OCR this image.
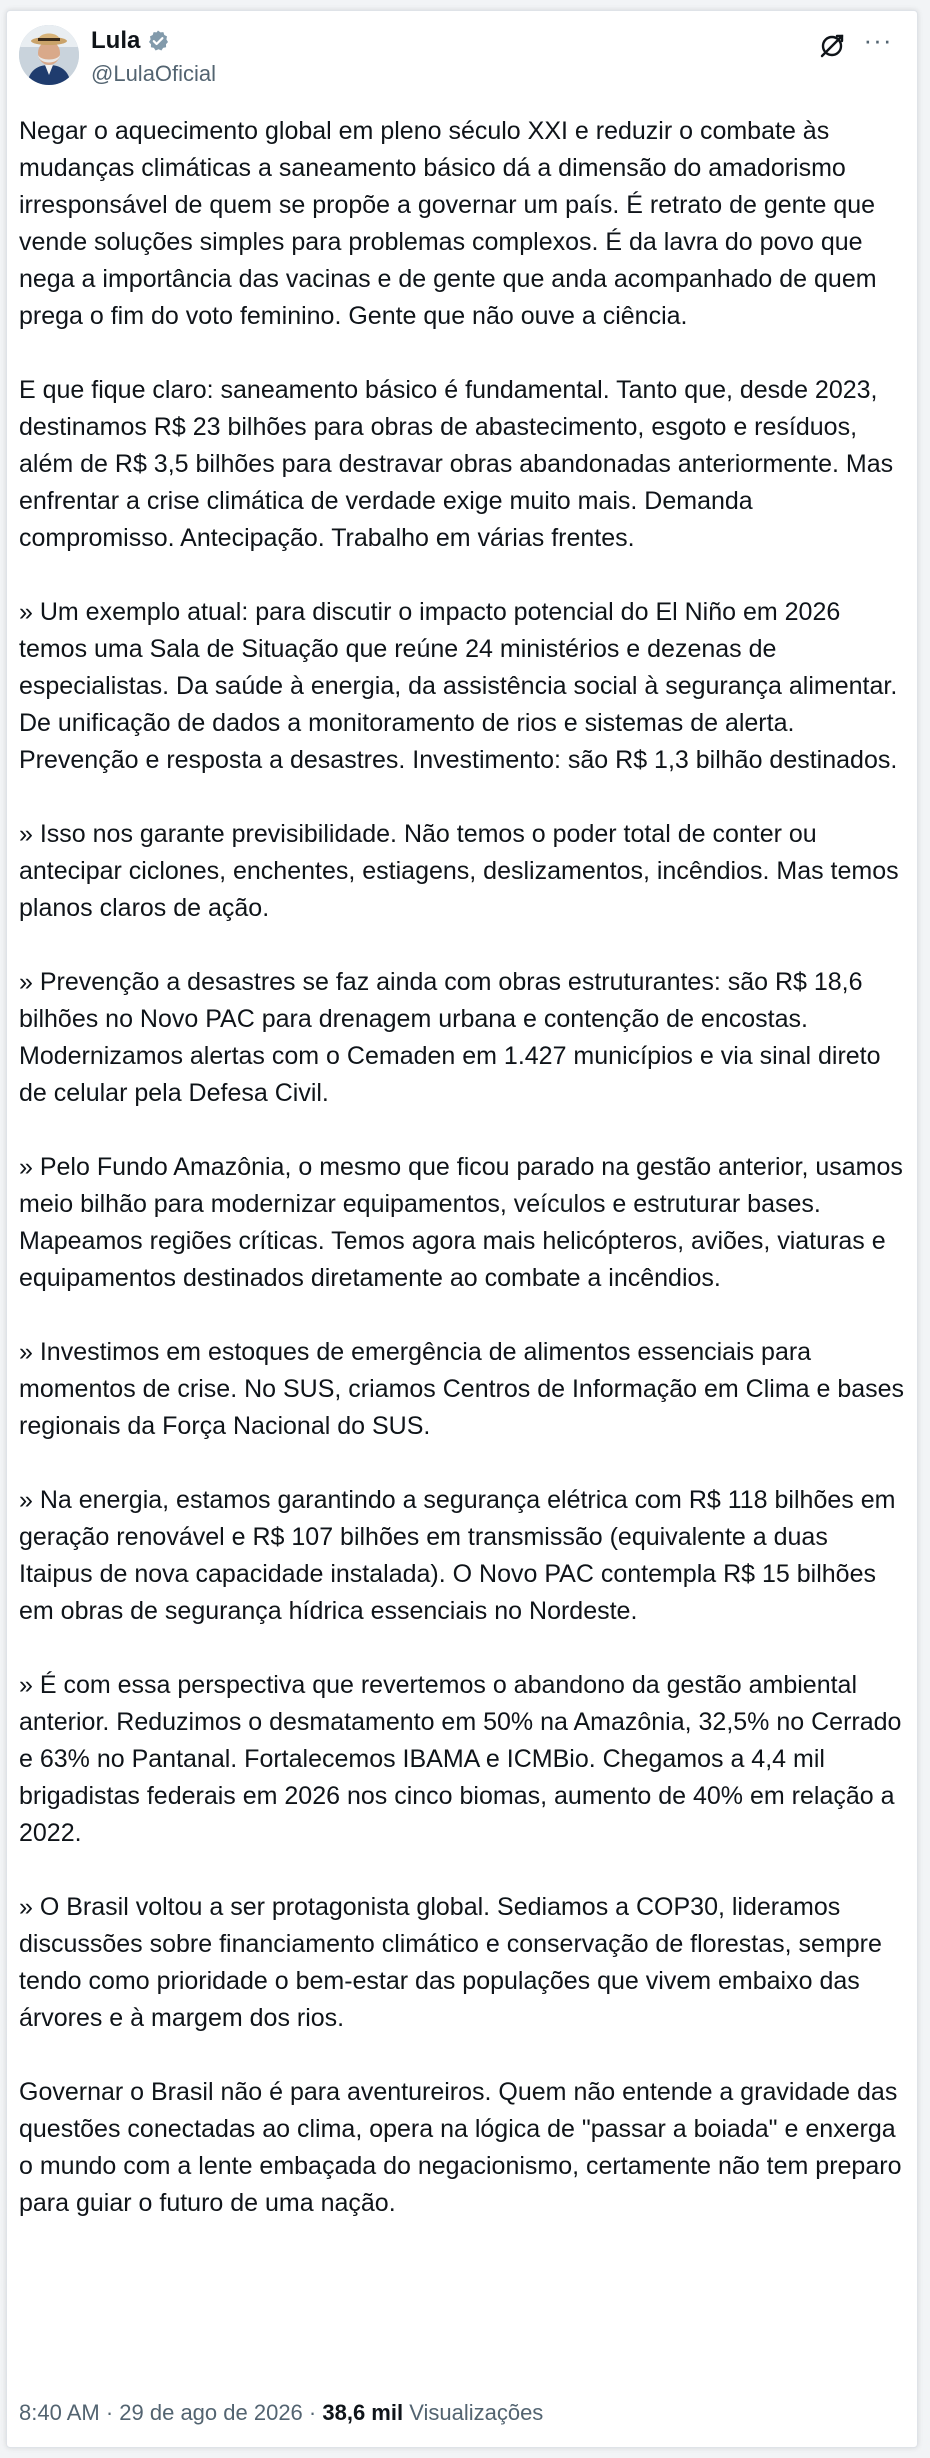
Lula
@LulaOficial
···

Negar o aquecimento global em pleno século XXI e reduzir o combate às mudanças climáticas a saneamento básico dá a dimensão do amadorismo irresponsável de quem se propõe a governar um país. É retrato de gente que vende soluções simples para problemas complexos. É da lavra do povo que nega a importância das vacinas e de gente que anda acompanhado de quem prega o fim do voto feminino. Gente que não ouve a ciência.

E que fique claro: saneamento básico é fundamental. Tanto que, desde 2023, destinamos R$ 23 bilhões para obras de abastecimento, esgoto e resíduos, além de R$ 3,5 bilhões para destravar obras abandonadas anteriormente. Mas enfrentar a crise climática de verdade exige muito mais. Demanda compromisso. Antecipação. Trabalho em várias frentes.

» Um exemplo atual: para discutir o impacto potencial do El Niño em 2026 temos uma Sala de Situação que reúne 24 ministérios e dezenas de especialistas. Da saúde à energia, da assistência social à segurança alimentar. De unificação de dados a monitoramento de rios e sistemas de alerta. Prevenção e resposta a desastres. Investimento: são R$ 1,3 bilhão destinados.

» Isso nos garante previsibilidade. Não temos o poder total de conter ou antecipar ciclones, enchentes, estiagens, deslizamentos, incêndios. Mas temos planos claros de ação.

» Prevenção a desastres se faz ainda com obras estruturantes: são R$ 18,6 bilhões no Novo PAC para drenagem urbana e contenção de encostas. Modernizamos alertas com o Cemaden em 1.427 municípios e via sinal direto de celular pela Defesa Civil.

» Pelo Fundo Amazônia, o mesmo que ficou parado na gestão anterior, usamos meio bilhão para modernizar equipamentos, veículos e estruturar bases. Mapeamos regiões críticas. Temos agora mais helicópteros, aviões, viaturas e equipamentos destinados diretamente ao combate a incêndios.

» Investimos em estoques de emergência de alimentos essenciais para momentos de crise. No SUS, criamos Centros de Informação em Clima e bases regionais da Força Nacional do SUS.

» Na energia, estamos garantindo a segurança elétrica com R$ 118 bilhões em geração renovável e R$ 107 bilhões em transmissão (equivalente a duas Itaipus de nova capacidade instalada). O Novo PAC contempla R$ 15 bilhões em obras de segurança hídrica essenciais no Nordeste.

» É com essa perspectiva que revertemos o abandono da gestão ambiental anterior. Reduzimos o desmatamento em 50% na Amazônia, 32,5% no Cerrado e 63% no Pantanal. Fortalecemos IBAMA e ICMBio. Chegamos a 4,4 mil brigadistas federais em 2026 nos cinco biomas, aumento de 40% em relação a 2022.

» O Brasil voltou a ser protagonista global. Sediamos a COP30, lideramos discussões sobre financiamento climático e conservação de florestas, sempre tendo como prioridade o bem-estar das populações que vivem embaixo das árvores e à margem dos rios.

Governar o Brasil não é para aventureiros. Quem não entende a gravidade das questões conectadas ao clima, opera na lógica de "passar a boiada" e enxerga o mundo com a lente embaçada do negacionismo, certamente não tem preparo para guiar o futuro de uma nação.

8:40 AM · 29 de ago de 2026 · 38,6 mil Visualizações
